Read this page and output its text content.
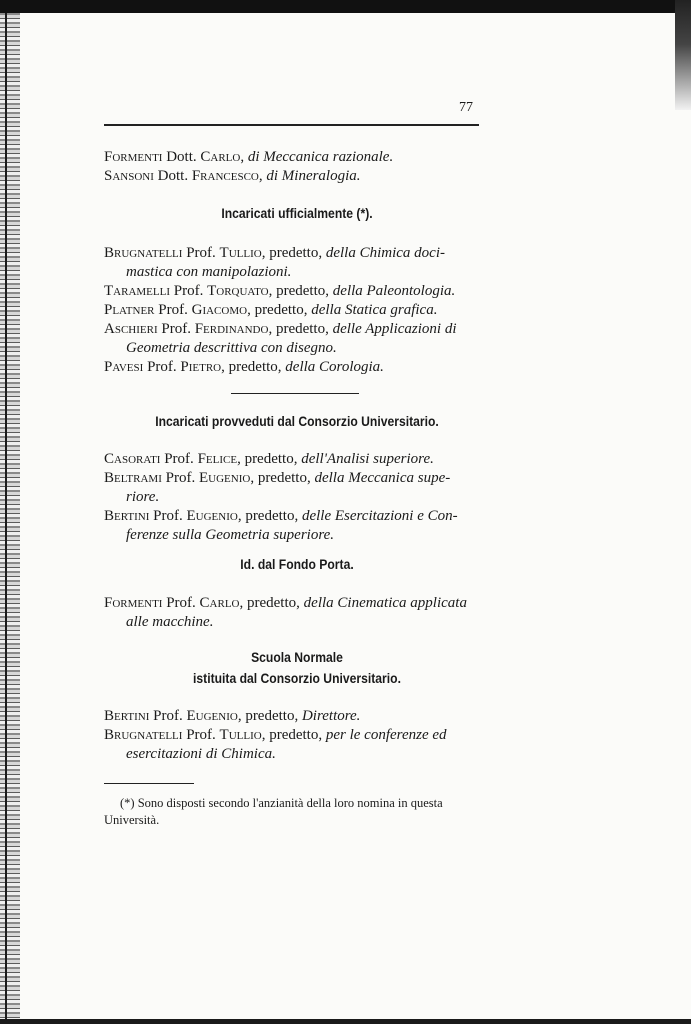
77
Formenti Dott. Carlo, di Meccanica razionale.
Sansoni Dott. Francesco, di Mineralogia.
Incaricati ufficialmente (*).
Brugnatelli Prof. Tullio, predetto, della Chimica doci-
mastica con manipolazioni.
Taramelli Prof. Torquato, predetto, della Paleontologia.
Platner Prof. Giacomo, predetto, della Statica grafica.
Aschieri Prof. Ferdinando, predetto, delle Applicazioni di
Geometria descrittiva con disegno.
Pavesi Prof. Pietro, predetto, della Corologia.
Incaricati provveduti dal Consorzio Universitario.
Casorati Prof. Felice, predetto, dell'Analisi superiore.
Beltrami Prof. Eugenio, predetto, della Meccanica supe-
riore.
Bertini Prof. Eugenio, predetto, delle Esercitazioni e Con-
ferenze sulla Geometria superiore.
Id. dal Fondo Porta.
Formenti Prof. Carlo, predetto, della Cinematica applicata
alle macchine.
Scuola Normale
istituita dal Consorzio Universitario.
Bertini Prof. Eugenio, predetto, Direttore.
Brugnatelli Prof. Tullio, predetto, per le conferenze ed
esercitazioni di Chimica.
(*) Sono disposti secondo l'anzianità della loro nomina in questa
Università.
